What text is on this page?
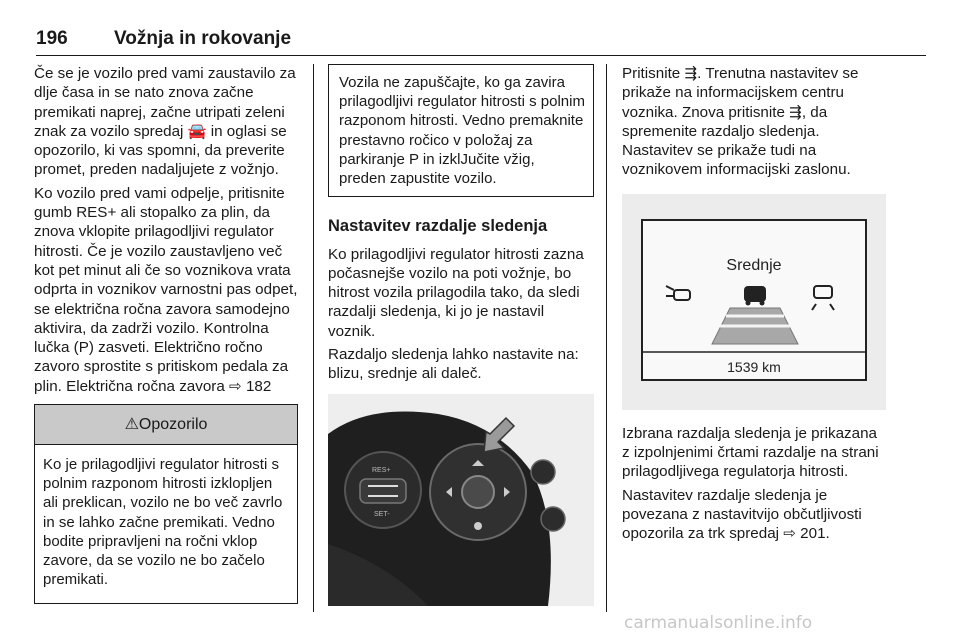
196 Vožnja in rokovanje

Če se je vozilo pred vami zaustavilo za dlje časa in se nato znova začne premikati naprej, začne utripati zeleni znak za vozilo spredaj 🚘 in oglasi se opozorilo, ki vas spomni, da preverite promet, preden nadaljujete z vožnjo.

Ko vozilo pred vami odpelje, pritisnite gumb RES+ ali stopalko za plin, da znova vklopite prilagodljivi regulator hitrosti. Če je vozilo zaustavljeno več kot pet minut ali če so voznikova vrata odprta in voznikov varnostni pas odpet, se električna ročna zavora samodejno aktivira, da zadrži vozilo. Kontrolna lučka (P) zasveti. Električno ročno zavoro sprostite s pritiskom pedala za plin. Električna ročna zavora ⇨ 182

⚠Opozorilo
Ko je prilagodljivi regulator hitrosti s polnim razponom hitrosti izklopljen ali preklican, vozilo ne bo več zavrlo in se lahko začne premikati. Vedno bodite pripravljeni na ročni vklop zavore, da se vozilo ne bo začelo premikati.
Vozila ne zapuščajte, ko ga zavira prilagodljivi regulator hitrosti s polnim razponom hitrosti. Vedno premaknite prestavno ročico v položaj za parkiranje P in izklJučite vžig, preden zapustite vozilo.
Nastavitev razdalje sledenja

Ko prilagodljivi regulator hitrosti zazna počasnejše vozilo na poti vožnje, bo hitrost vozila prilagodila tako, da sledi razdalji sledenja, ki jo je nastavil voznik.

Razdaljo sledenja lahko nastavite na: blizu, srednje ali daleč.

RES+
SET-

Pritisnite ⇶. Trenutna nastavitev se prikaže na informacijskem centru voznika. Znova pritisnite ⇶, da spremenite razdaljo sledenja. Nastavitev se prikaže tudi na voznikovem informacijski zaslonu.

Srednje
1539 km

Izbrana razdalja sledenja je prikazana z izpolnjenimi črtami razdalje na strani prilagodljivega regulatorja hitrosti.

Nastavitev razdalje sledenja je povezana z nastavitvijo občutljivosti opozorila za trk spredaj ⇨ 201.

carmanualsonline.info
